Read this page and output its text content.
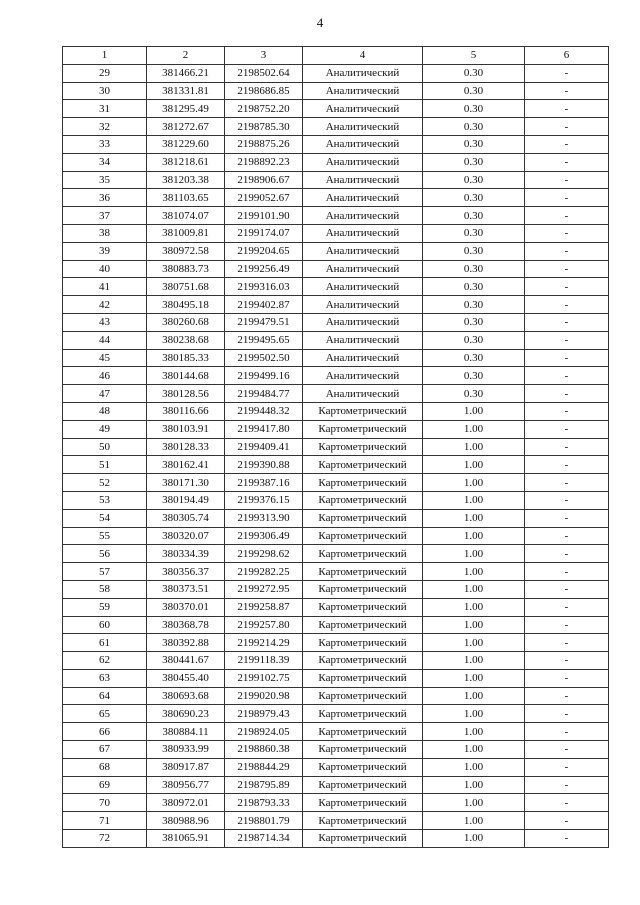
4
1	2	3	4	5	6
29	381466.21	2198502.64	Аналитический	0.30	-
30	381331.81	2198686.85	Аналитический	0.30	-
31	381295.49	2198752.20	Аналитический	0.30	-
32	381272.67	2198785.30	Аналитический	0.30	-
33	381229.60	2198875.26	Аналитический	0.30	-
34	381218.61	2198892.23	Аналитический	0.30	-
35	381203.38	2198906.67	Аналитический	0.30	-
36	381103.65	2199052.67	Аналитический	0.30	-
37	381074.07	2199101.90	Аналитический	0.30	-
38	381009.81	2199174.07	Аналитический	0.30	-
39	380972.58	2199204.65	Аналитический	0.30	-
40	380883.73	2199256.49	Аналитический	0.30	-
41	380751.68	2199316.03	Аналитический	0.30	-
42	380495.18	2199402.87	Аналитический	0.30	-
43	380260.68	2199479.51	Аналитический	0.30	-
44	380238.68	2199495.65	Аналитический	0.30	-
45	380185.33	2199502.50	Аналитический	0.30	-
46	380144.68	2199499.16	Аналитический	0.30	-
47	380128.56	2199484.77	Аналитический	0.30	-
48	380116.66	2199448.32	Картометрический	1.00	-
49	380103.91	2199417.80	Картометрический	1.00	-
50	380128.33	2199409.41	Картометрический	1.00	-
51	380162.41	2199390.88	Картометрический	1.00	-
52	380171.30	2199387.16	Картометрический	1.00	-
53	380194.49	2199376.15	Картометрический	1.00	-
54	380305.74	2199313.90	Картометрический	1.00	-
55	380320.07	2199306.49	Картометрический	1.00	-
56	380334.39	2199298.62	Картометрический	1.00	-
57	380356.37	2199282.25	Картометрический	1.00	-
58	380373.51	2199272.95	Картометрический	1.00	-
59	380370.01	2199258.87	Картометрический	1.00	-
60	380368.78	2199257.80	Картометрический	1.00	-
61	380392.88	2199214.29	Картометрический	1.00	-
62	380441.67	2199118.39	Картометрический	1.00	-
63	380455.40	2199102.75	Картометрический	1.00	-
64	380693.68	2199020.98	Картометрический	1.00	-
65	380690.23	2198979.43	Картометрический	1.00	-
66	380884.11	2198924.05	Картометрический	1.00	-
67	380933.99	2198860.38	Картометрический	1.00	-
68	380917.87	2198844.29	Картометрический	1.00	-
69	380956.77	2198795.89	Картометрический	1.00	-
70	380972.01	2198793.33	Картометрический	1.00	-
71	380988.96	2198801.79	Картометрический	1.00	-
72	381065.91	2198714.34	Картометрический	1.00	-
